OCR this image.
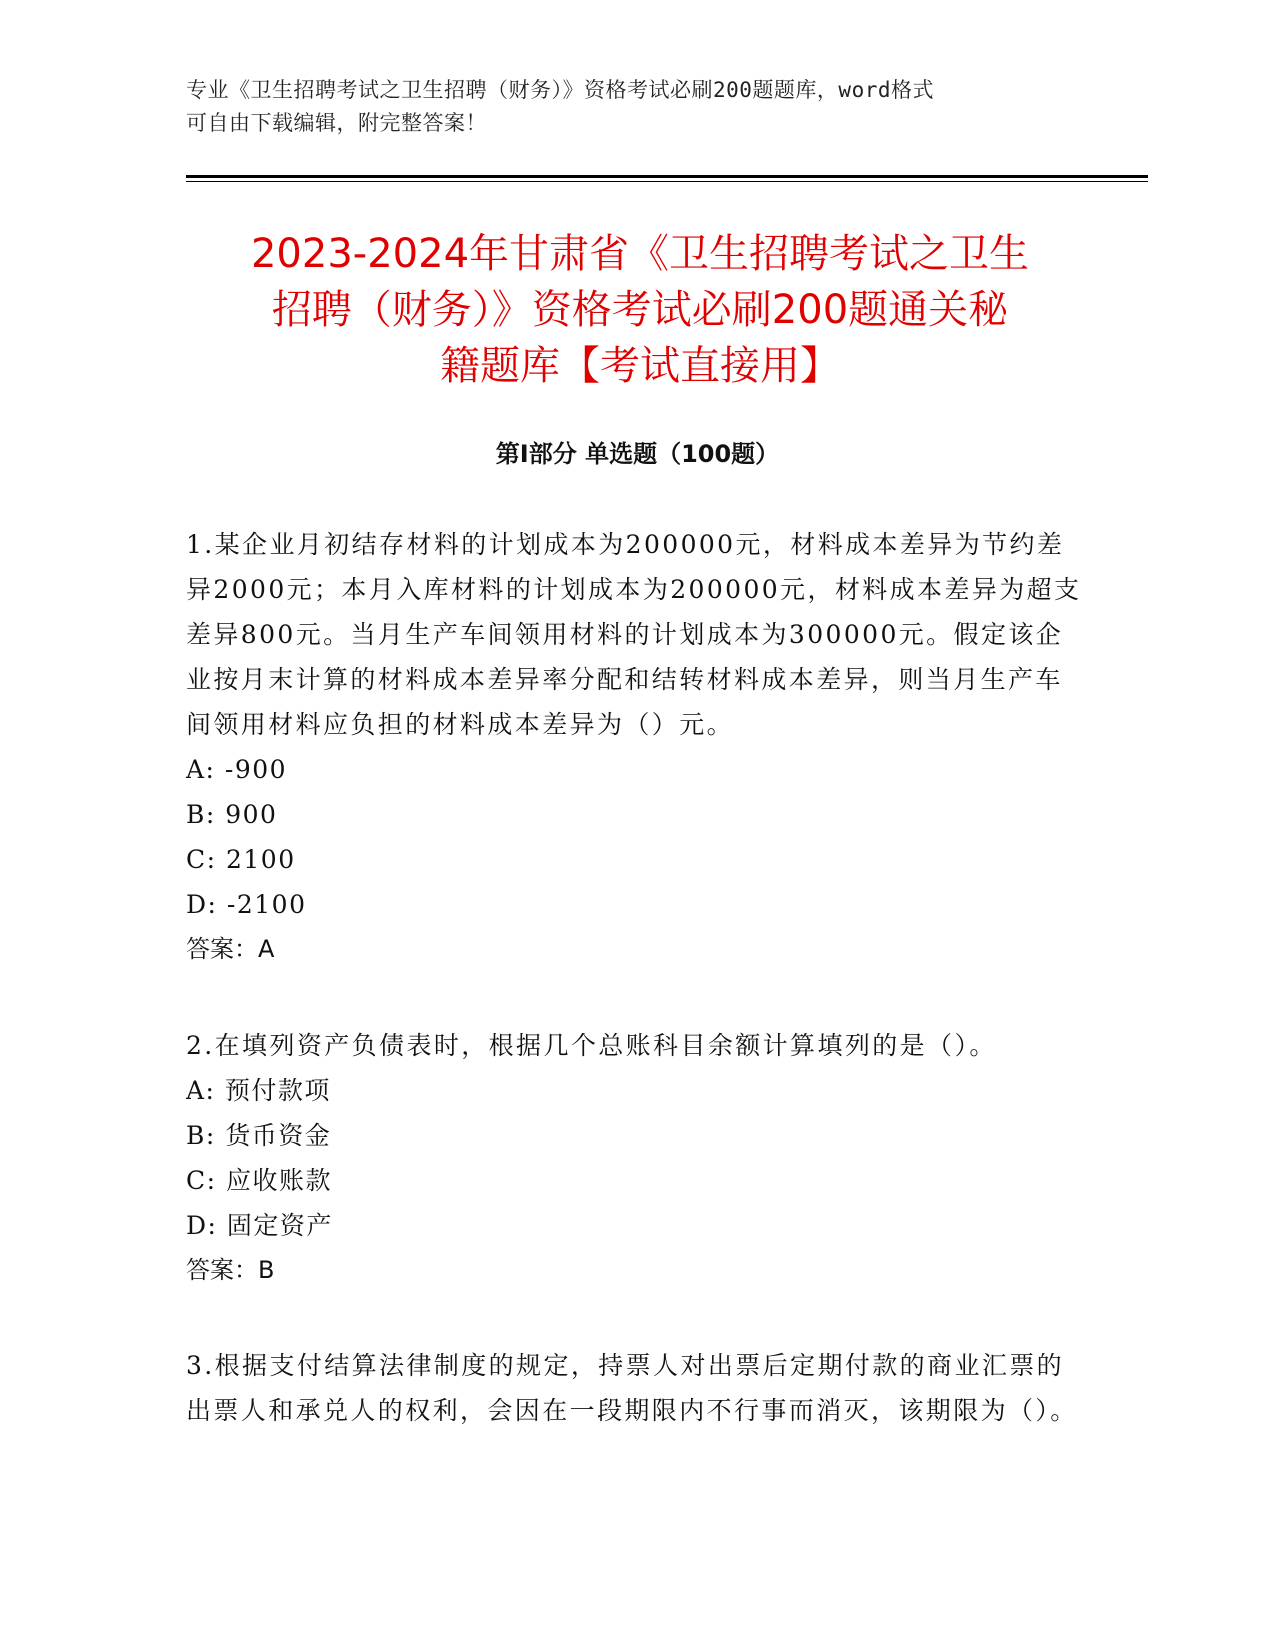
专业《卫生招聘考试之卫生招聘（财务）》资格考试必刷200题题库，word格式
可自由下载编辑，附完整答案！
2023-2024年甘肃省《卫生招聘考试之卫生
招聘（财务）》资格考试必刷200题通关秘
籍题库【考试直接用】
第Ⅰ部分 单选题（100题）

1.某企业月初结存材料的计划成本为200000元，材料成本差异为节约差异2000元；本月入库材料的计划成本为200000元，材料成本差异为超支差异800元。当月生产车间领用材料的计划成本为300000元。假定该企业按月末计算的材料成本差异率分配和结转材料成本差异，则当月生产车间领用材料应负担的材料成本差异为（）元。

A: -900

B: 900

C: 2100

D: -2100

答案：A

2.在填列资产负债表时，根据几个总账科目余额计算填列的是（）。

A: 预付款项

B: 货币资金

C: 应收账款

D: 固定资产

答案：B

3.根据支付结算法律制度的规定，持票人对出票后定期付款的商业汇票的出票人和承兑人的权利，会因在一段期限内不行事而消灭，该期限为（）。
